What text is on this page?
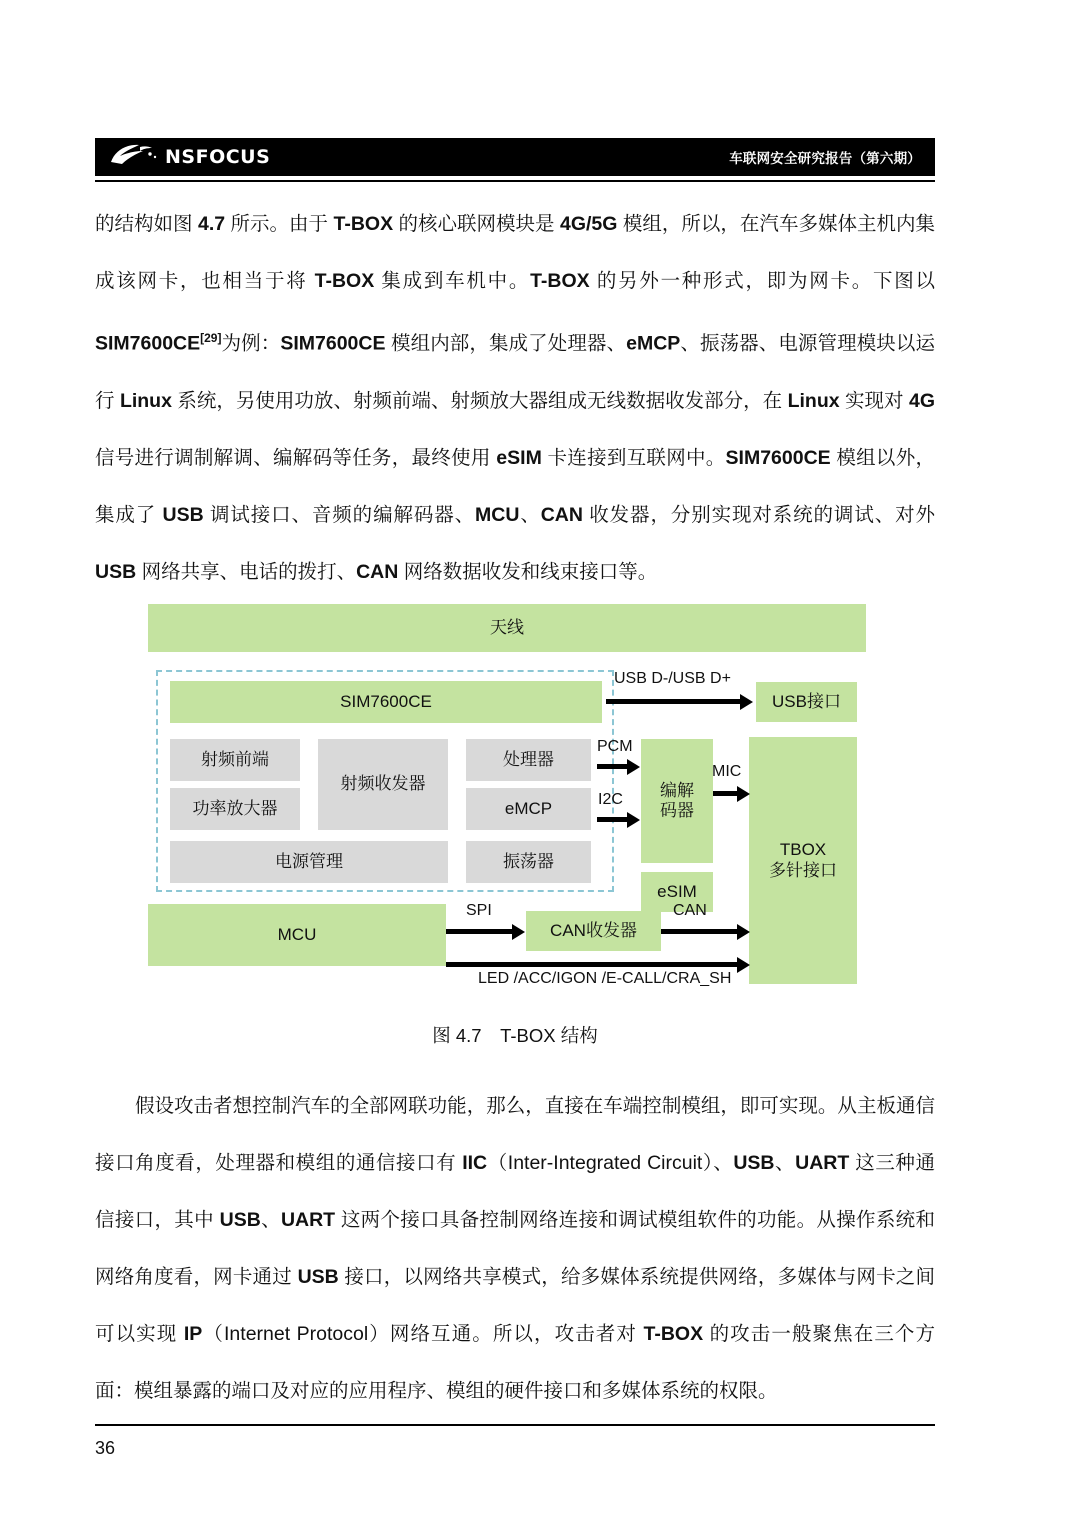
NSFOCUS	车联网安全研究报告（第六期）
的结构如图 4.7 所示。由于 T-BOX 的核心联网模块是 4G/5G 模组，所以，在汽车多媒体主机内集成该网卡，也相当于将 T-BOX 集成到车机中。T-BOX 的另外一种形式，即为网卡。下图以 SIM7600CE[29]为例：SIM7600CE 模组内部，集成了处理器、eMCP、振荡器、电源管理模块以运行 Linux 系统，另使用功放、射频前端、射频放大器组成无线数据收发部分，在 Linux 实现对 4G 信号进行调制解调、编解码等任务，最终使用 eSIM 卡连接到互联网中。SIM7600CE 模组以外，集成了 USB 调试接口、音频的编解码器、MCU、CAN 收发器，分别实现对系统的调试、对外 USB 网络共享、电话的拨打、CAN 网络数据收发和线束接口等。
天线
SIM7600CE
射频前端
功率放大器
射频收发器
处理器
eMCP
电源管理	振荡器
USB接口
编解码器
eSIM
TBOX
多针接口
MCU	CAN收发器
USB D-/USB D+
PCM
I2C
MIC
SPI	CAN
LED /ACC/IGON /E-CALL/CRA_SH
图 4.7　T-BOX 结构
假设攻击者想控制汽车的全部网联功能，那么，直接在车端控制模组，即可实现。从主板通信接口角度看，处理器和模组的通信接口有 IIC（Inter-Integrated Circuit）、USB、UART 这三种通信接口，其中 USB、UART 这两个接口具备控制网络连接和调试模组软件的功能。从操作系统和网络角度看，网卡通过 USB 接口，以网络共享模式，给多媒体系统提供网络，多媒体与网卡之间可以实现 IP（Internet Protocol）网络互通。所以，攻击者对 T-BOX 的攻击一般聚焦在三个方面：模组暴露的端口及对应的应用程序、模组的硬件接口和多媒体系统的权限。
36
